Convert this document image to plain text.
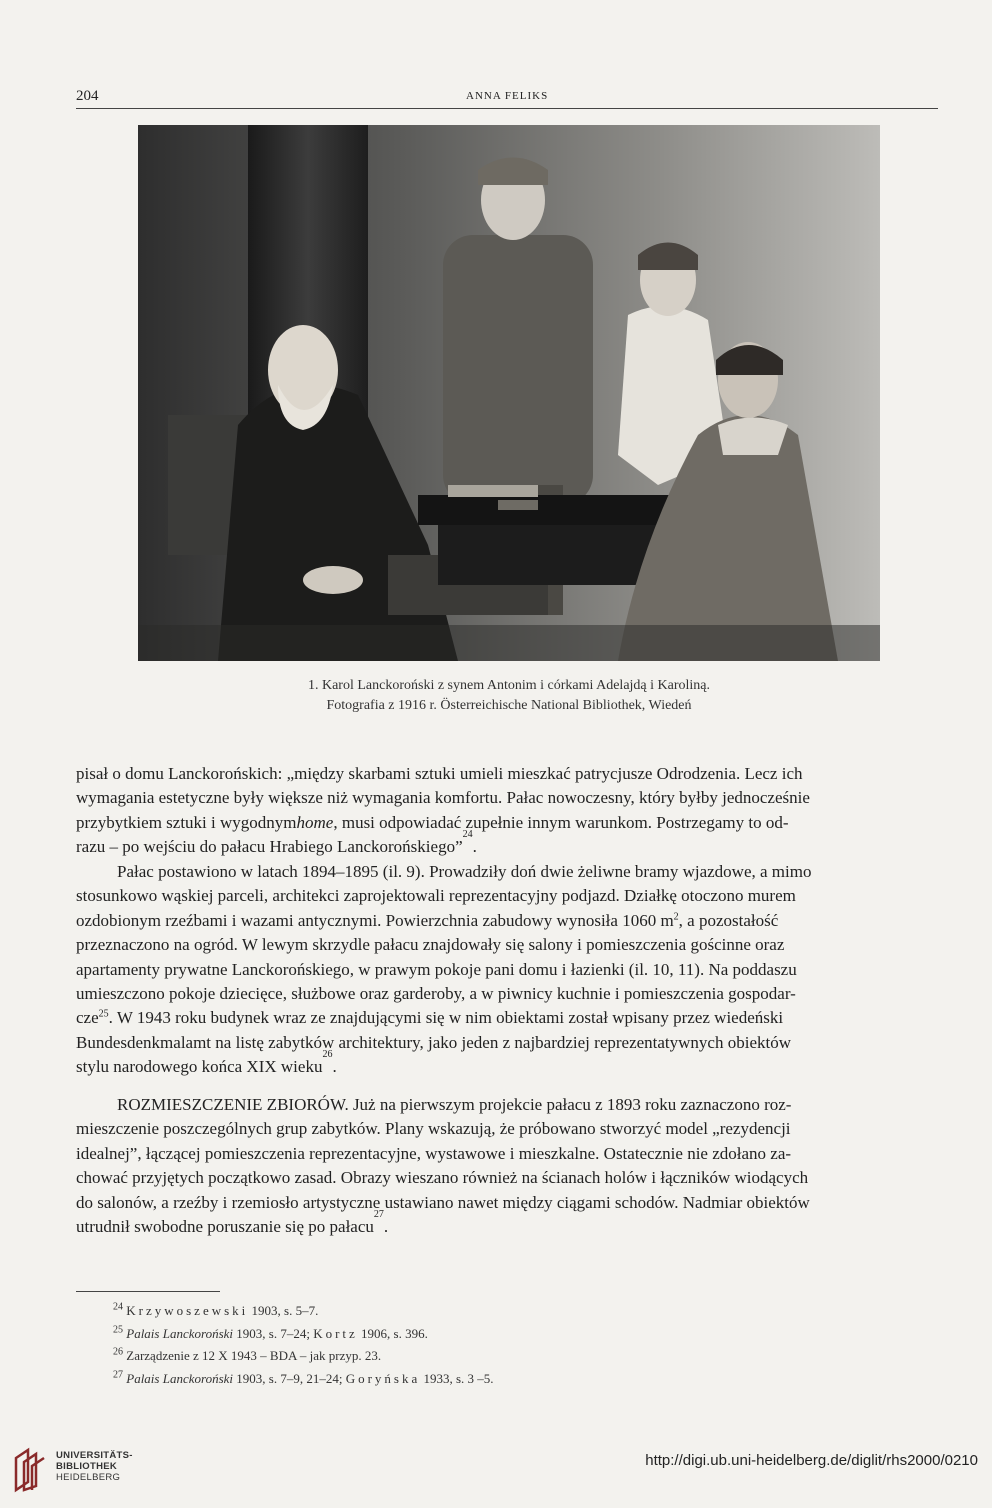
204	ANNA FELIKS
1. Karol Lanckoroński z synem Antonim i córkami Adelajdą i Karoliną.
Fotografia z 1916 r. Österreichische National Bibliothek, Wiedeń
pisał o domu Lanckorońskich: „między skarbami sztuki umieli mieszkać patrycjusze Odrodzenia. Lecz ich
wymagania estetyczne były większe niż wymagania komfortu. Pałac nowoczesny, który byłby jednocześnie
przybytkiem sztuki i wygodnymhome, musi odpowiadać zupełnie innym warunkom. Postrzegamy to od-
razu – po wejściu do pałacu Hrabiego Lanckorońskiego”
24
.
Pałac postawiono w latach 1894–1895 (il. 9). Prowadziły doń dwie żeliwne bramy wjazdowe, a mimo
stosunkowo wąskiej parceli, architekci zaprojektowali reprezentacyjny podjazd. Działkę otoczono murem
ozdobionym rzeźbami i wazami antycznymi. Powierzchnia zabudowy wynosiła 1060 $m^2$, a pozostałość
przeznaczono na ogród. W lewym skrzydle pałacu znajdowały się salony i pomieszczenia gościnne oraz
apartamenty prywatne Lanckorońskiego, w prawym pokoje pani domu i łazienki (il. 10, 11). Na poddaszu
umieszczono pokoje dziecięce, służbowe oraz garderoby, a w piwnicy kuchnie i pomieszczenia gospodar-
cze$^{25}$. W 1943 roku budynek wraz ze znajdującymi się w nim obiektami został wpisany przez wiedeński
Bundesdenkmalamt na listę zabytków architektury, jako jeden z najbardziej reprezentatywnych obiektów
stylu narodowego końca XIX wieku
26
.
ROZMIESZCZENIE ZBIORÓW. Już na pierwszym projekcie pałacu z 1893 roku zaznaczono roz-
mieszczenie poszczególnych grup zabytków. Plany wskazują, że próbowano stworzyć model „rezydencji
idealnej”, łączącej pomieszczenia reprezentacyjne, wystawowe i mieszkalne. Ostatecznie nie zdołano za-
chować przyjętych początkowo zasad. Obrazy wieszano również na ścianach holów i łączników wiodących
do salonów, a rzeźby i rzemiosło artystyczne ustawiano nawet między ciągami schodów. Nadmiar obiektów
utrudnił swobodne poruszanie się po pałacu
27
.
$^{24}$ Krzywoszewski 1903, s. 5–7.
$^{25}$ Palais Lanckoroński 1903, s. 7–24; Kortz 1906, s. 396.
$^{26}$ Zarządzenie z 12 X 1943 – BDA – jak przyp. 23.
$^{27}$ Palais Lanckoroński 1903, s. 7–9, 21–24; Goryńska 1933, s. 3 –5.
UNIVERSITÄTS-
BIBLIOTHEK
HEIDELBERG
http://digi.ub.uni-heidelberg.de/diglit/rhs2000/0210
